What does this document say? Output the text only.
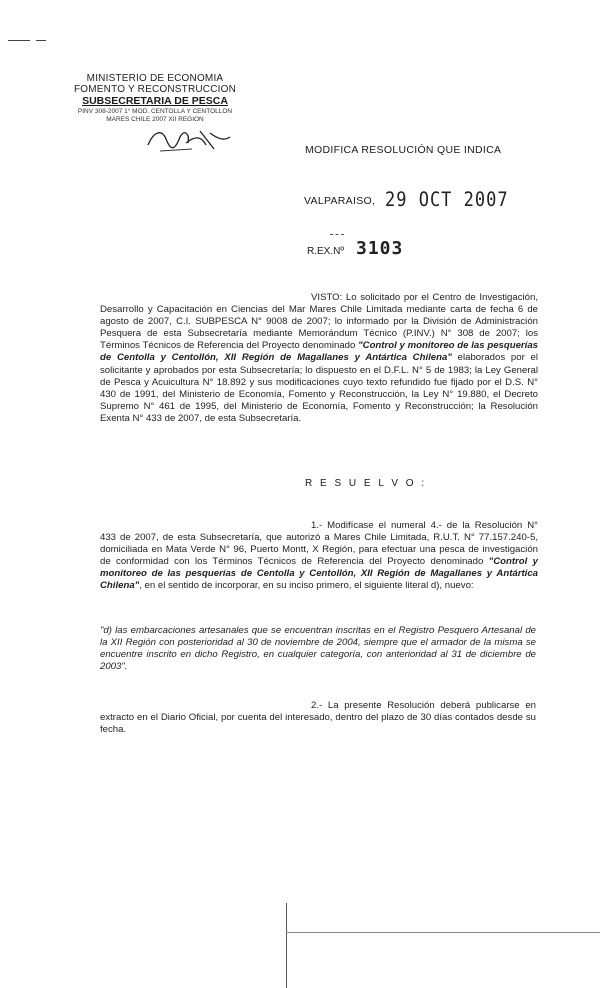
MINISTERIO DE ECONOMIA
FOMENTO Y RECONSTRUCCION
SUBSECRETARIA DE PESCA
PINV 308-2007 1° MOD. CENTOLLA Y CENTOLLON
MARES CHILE 2007 XII REGION
MODIFICA RESOLUCIÓN QUE INDICA
VALPARAISO, 29 OCT 2007
R.EX.Nº 3103
VISTO: Lo solicitado por el Centro de Investigación, Desarrollo y Capacitación en Ciencias del Mar Mares Chile Limitada mediante carta de fecha 6 de agosto de 2007, C.I. SUBPESCA N° 9008 de 2007; lo informado por la División de Administración Pesquera de esta Subsecretaría mediante Memorándum Técnico (P.INV.) N° 308 de 2007; los Términos Técnicos de Referencia del Proyecto denominado "Control y monitoreo de las pesquerías de Centolla y Centollón, XII Región de Magallanes y Antártica Chilena" elaborados por el solicitante y aprobados por esta Subsecretaría; lo dispuesto en el D.F.L. N° 5 de 1983; la Ley General de Pesca y Acuicultura N° 18.892 y sus modificaciones cuyo texto refundido fue fijado por el D.S. N° 430 de 1991, del Ministerio de Economía, Fomento y Reconstrucción, la Ley N° 19.880, el Decreto Supremo N° 461 de 1995, del Ministerio de Economía, Fomento y Reconstrucción; la Resolución Exenta N° 433 de 2007, de esta Subsecretaría.
R E S U E L V O :
1.- Modifícase el numeral 4.- de la Resolución N° 433 de 2007, de esta Subsecretaría, que autorizó a Mares Chile Limitada, R.U.T. N° 77.157.240-5, domiciliada en Mata Verde N° 96, Puerto Montt, X Región, para efectuar una pesca de investigación de conformidad con los Términos Técnicos de Referencia del Proyecto denominado "Control y monitoreo de las pesquerías de Centolla y Centollón, XII Región de Magallanes y Antártica Chilena", en el sentido de incorporar, en su inciso primero, el siguiente literal d), nuevo:
"d) las embarcaciones artesanales que se encuentran inscritas en el Registro Pesquero Artesanal de la XII Región con posterioridad al 30 de noviembre de 2004, siempre que el armador de la misma se encuentre inscrito en dicho Registro, en cualquier categoría, con anterioridad al 31 de diciembre de 2003".
2.- La presente Resolución deberá publicarse en extracto en el Diario Oficial, por cuenta del interesado, dentro del plazo de 30 días contados desde su fecha.
